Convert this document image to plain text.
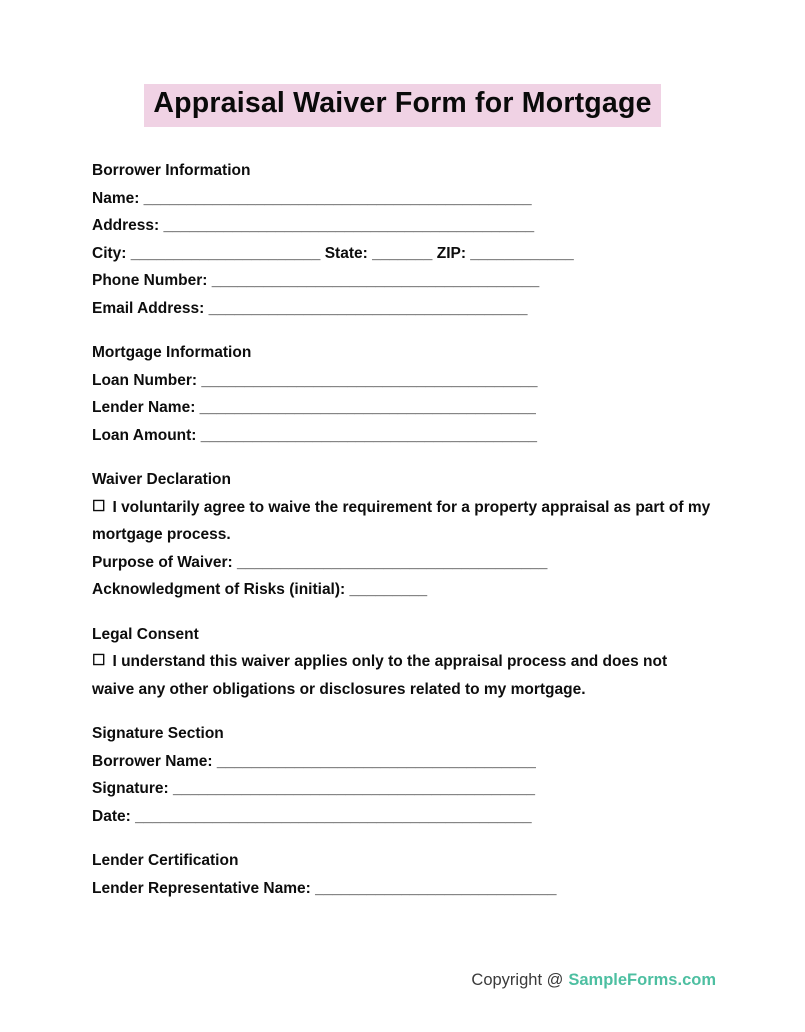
Appraisal Waiver Form for Mortgage
Borrower Information
Name: _____________________________________________
Address: ___________________________________________
City: ______________________ State: _______ ZIP: ____________
Phone Number: ______________________________________
Email Address: _____________________________________
Mortgage Information
Loan Number: _______________________________________
Lender Name: _______________________________________
Loan Amount: _______________________________________
Waiver Declaration
☐ I voluntarily agree to waive the requirement for a property appraisal as part of my mortgage process.
Purpose of Waiver: ____________________________________
Acknowledgment of Risks (initial): _________
Legal Consent
☐ I understand this waiver applies only to the appraisal process and does not waive any other obligations or disclosures related to my mortgage.
Signature Section
Borrower Name: _____________________________________
Signature: __________________________________________
Date: ______________________________________________
Lender Certification
Lender Representative Name: ____________________________
Copyright @ SampleForms.com
